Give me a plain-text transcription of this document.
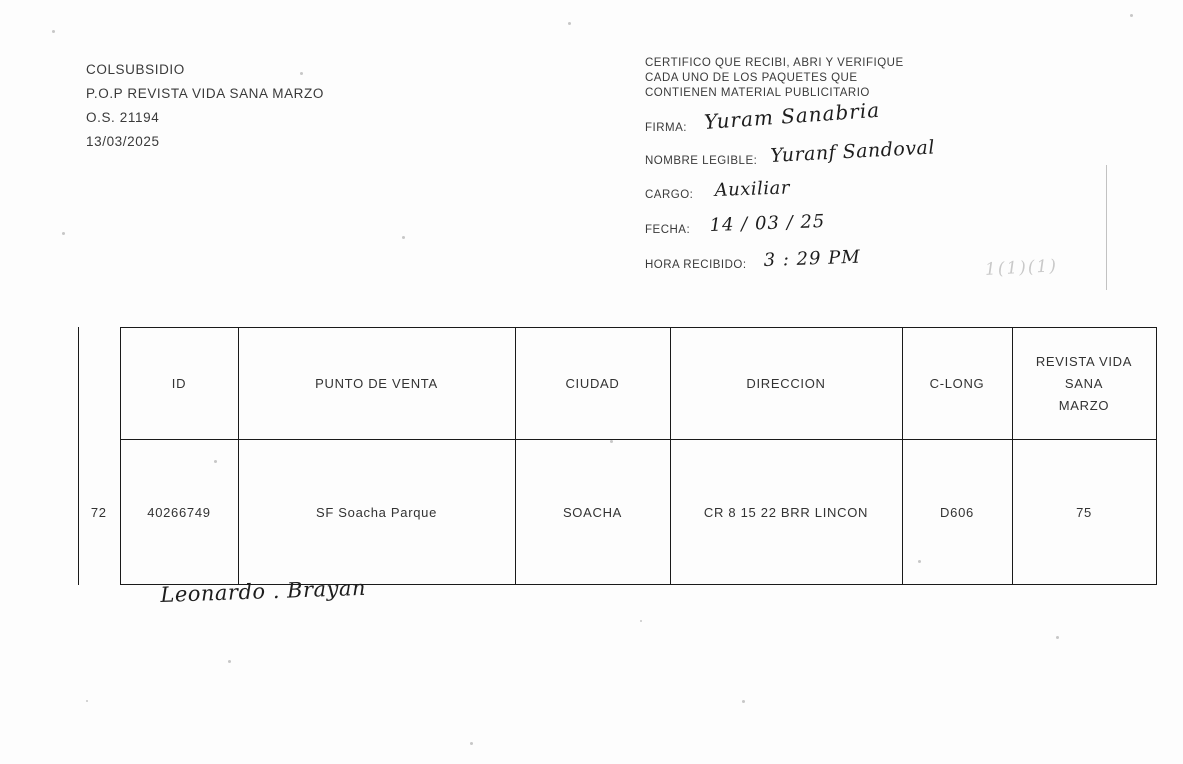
COLSUBSIDIO
P.O.P REVISTA VIDA SANA MARZO
O.S. 21194
13/03/2025
CERTIFICO QUE RECIBI, ABRI Y VERIFIQUE
CADA UNO DE LOS PAQUETES QUE
CONTIENEN MATERIAL PUBLICITARIO
FIRMA: Yuram Sanabria
NOMBRE LEGIBLE: Yuranf Sandoval
CARGO: Auxiliar
FECHA: 14 / 03 / 25
HORA RECIBIDO: 3 : 29 PM	1(1)(1)
	ID	PUNTO DE VENTA	CIUDAD	DIRECCION	C-LONG	REVISTA VIDA SANA
MARZO

72	40266749	SF Soacha Parque	SOACHA	CR 8 15 22 BRR LINCON	D606	75
Leonardo . Brayan
